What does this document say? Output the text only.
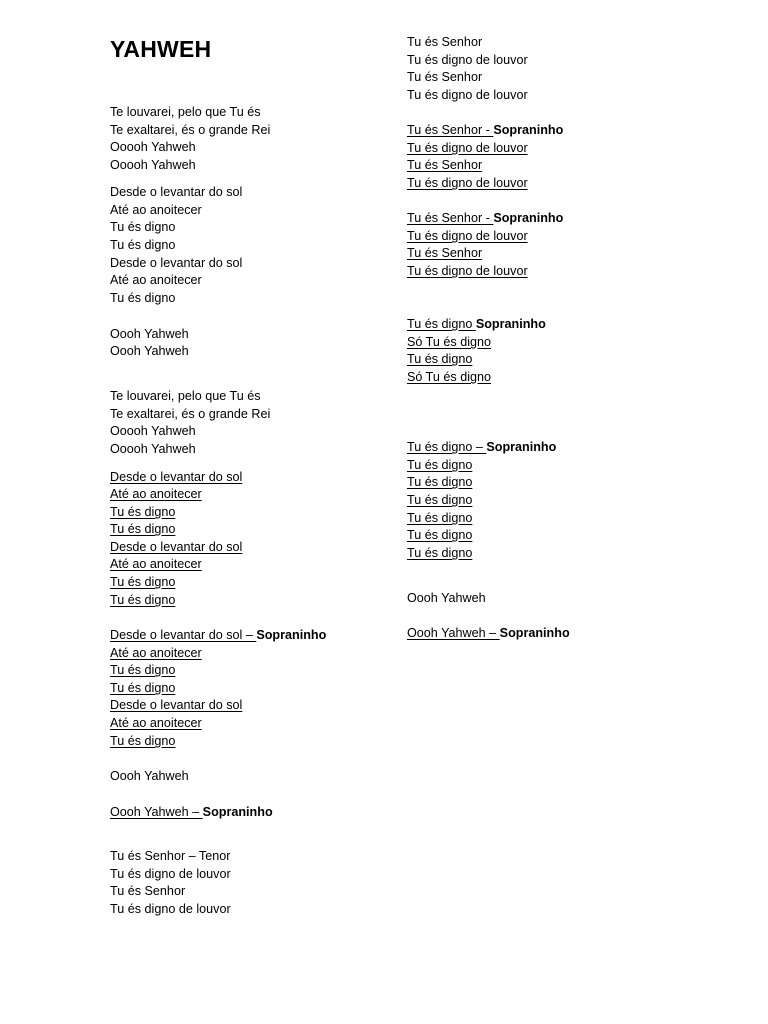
YAHWEH
Te louvarei, pelo que Tu és
Te exaltarei, és o grande Rei
Ooooh Yahweh
Ooooh Yahweh
Desde o levantar do sol
Até ao anoitecer
Tu és digno
Tu és digno
Desde o levantar do sol
Até ao anoitecer
Tu és digno
Oooh Yahweh
Oooh Yahweh
Te louvarei, pelo que Tu és
Te exaltarei, és o grande Rei
Ooooh Yahweh
Ooooh Yahweh
Desde o levantar do sol
Até ao anoitecer
Tu és digno
Tu és digno
Desde o levantar do sol
Até ao anoitecer
Tu és digno
Tu és digno
Desde o levantar do sol – Sopraninho
Até ao anoitecer
Tu és digno
Tu és digno
Desde o levantar do sol
Até ao anoitecer
Tu és digno
Oooh Yahweh
Oooh Yahweh – Sopraninho
Tu és Senhor – Tenor
Tu és digno de louvor
Tu és Senhor
Tu és digno de louvor
Tu és Senhor
Tu és digno de louvor
Tu és Senhor
Tu és digno de louvor
Tu és Senhor - Sopraninho
Tu és digno de louvor
Tu és Senhor
Tu és digno de louvor
Tu és Senhor - Sopraninho
Tu és digno de louvor
Tu és Senhor
Tu és digno de louvor
Tu és digno Sopraninho
Só Tu és digno
Tu és digno
Só Tu és digno
Tu és digno – Sopraninho
Tu és digno
Tu és digno
Tu és digno
Tu és digno
Tu és digno
Tu és digno
Oooh Yahweh
Oooh Yahweh – Sopraninho
